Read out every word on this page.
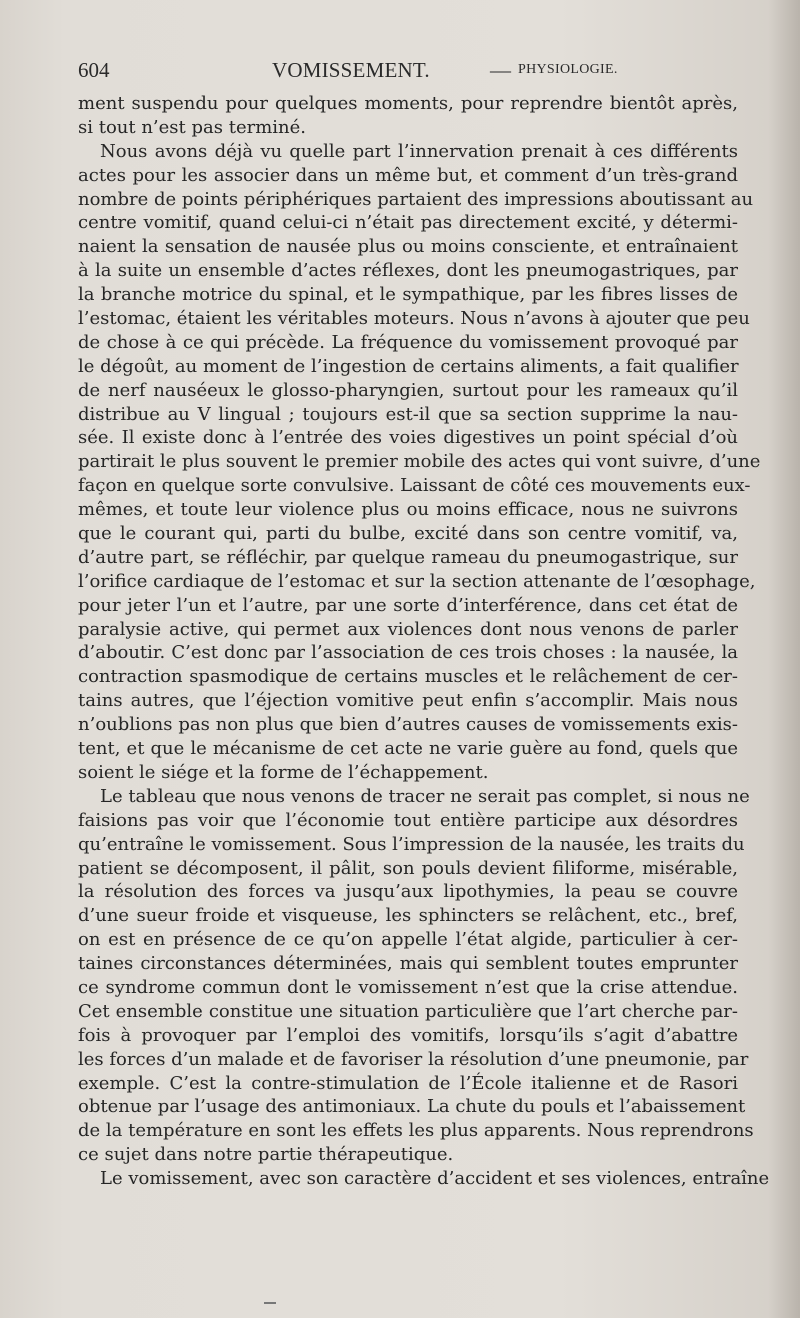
604	VOMISSEMENT.	— PHYSIOLOGIE.
ment suspendu pour quelques moments, pour reprendre bientôt après,
si tout n’est pas terminé.
Nous avons déjà vu quelle part l’innervation prenait à ces différents
actes pour les associer dans un même but, et comment d’un très-grand
nombre de points périphériques partaient des impressions aboutissant au
centre vomitif, quand celui-ci n’était pas directement excité, y détermi-
naient la sensation de nausée plus ou moins consciente, et entraînaient
à la suite un ensemble d’actes réflexes, dont les pneumogastriques, par
la branche motrice du spinal, et le sympathique, par les fibres lisses de
l’estomac, étaient les véritables moteurs. Nous n’avons à ajouter que peu
de chose à ce qui précède. La fréquence du vomissement provoqué par
le dégoût, au moment de l’ingestion de certains aliments, a fait qualifier
de nerf nauséeux le glosso-pharyngien, surtout pour les rameaux qu’il
distribue au V lingual ; toujours est-il que sa section supprime la nau-
sée. Il existe donc à l’entrée des voies digestives un point spécial d’où
partirait le plus souvent le premier mobile des actes qui vont suivre, d’une
façon en quelque sorte convulsive. Laissant de côté ces mouvements eux-
mêmes, et toute leur violence plus ou moins efficace, nous ne suivrons
que le courant qui, parti du bulbe, excité dans son centre vomitif, va,
d’autre part, se réfléchir, par quelque rameau du pneumogastrique, sur
l’orifice cardiaque de l’estomac et sur la section attenante de l’œsophage,
pour jeter l’un et l’autre, par une sorte d’interférence, dans cet état de
paralysie active, qui permet aux violences dont nous venons de parler
d’aboutir. C’est donc par l’association de ces trois choses : la nausée, la
contraction spasmodique de certains muscles et le relâchement de cer-
tains autres, que l’éjection vomitive peut enfin s’accomplir. Mais nous
n’oublions pas non plus que bien d’autres causes de vomissements exis-
tent, et que le mécanisme de cet acte ne varie guère au fond, quels que
soient le siége et la forme de l’échappement.
Le tableau que nous venons de tracer ne serait pas complet, si nous ne
faisions pas voir que l’économie tout entière participe aux désordres
qu’entraîne le vomissement. Sous l’impression de la nausée, les traits du
patient se décomposent, il pâlit, son pouls devient filiforme, misérable,
la résolution des forces va jusqu’aux lipothymies, la peau se couvre
d’une sueur froide et visqueuse, les sphincters se relâchent, etc., bref,
on est en présence de ce qu’on appelle l’état algide, particulier à cer-
taines circonstances déterminées, mais qui semblent toutes emprunter
ce syndrome commun dont le vomissement n’est que la crise attendue.
Cet ensemble constitue une situation particulière que l’art cherche par-
fois à provoquer par l’emploi des vomitifs, lorsqu’ils s’agit d’abattre
les forces d’un malade et de favoriser la résolution d’une pneumonie, par
exemple. C’est la contre-stimulation de l’École italienne et de Rasori
obtenue par l’usage des antimoniaux. La chute du pouls et l’abaissement
de la température en sont les effets les plus apparents. Nous reprendrons
ce sujet dans notre partie thérapeutique.
Le vomissement, avec son caractère d’accident et ses violences, entraîne
